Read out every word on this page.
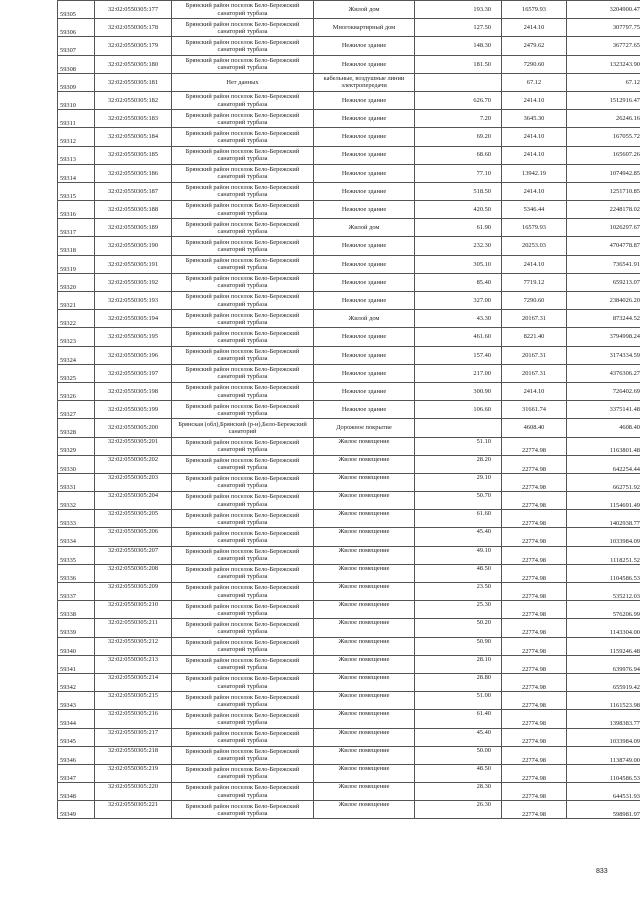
59305	32:02:0550305:177	Брянский район поселок Бело-Бережский
санаторий турбаза	Жилой дом	193.30	16579.93	3204900.47
59306	32:02:0550305:178	Брянский район поселок Бело-Бережский
санаторий турбаза	Многоквартирный дом	127.50	2414.10	307797.75
59307	32:02:0550305:179	Брянский район поселок Бело-Бережский
санаторий турбаза	Нежилое здание	148.30	2479.62	367727.65
59308	32:02:0550305:180	Брянский район поселок Бело-Бережский
санаторий турбаза	Нежилое здание	181.50	7290.60	1323243.90
59309	32:02:0550305:181	Нет данных	кабельные, воздушные линии электропередачи		67.12	67.12
59310	32:02:0550305:182	Брянский район поселок Бело-Бережский
санаторий турбаза	Нежилое здание	626.70	2414.10	1512916.47
59311	32:02:0550305:183	Брянский район поселок Бело-Бережский
санаторий турбаза	Нежилое здание	7.20	3645.30	26246.16
59312	32:02:0550305:184	Брянский район поселок Бело-Бережский
санаторий турбаза	Нежилое здание	69.20	2414.10	167055.72
59313	32:02:0550305:185	Брянский район поселок Бело-Бережский
санаторий турбаза	Нежилое здание	68.60	2414.10	165607.26
59314	32:02:0550305:186	Брянский район поселок Бело-Бережский
санаторий турбаза	Нежилое здание	77.10	13942.19	1074942.85
59315	32:02:0550305:187	Брянский район поселок Бело-Бережский
санаторий турбаза	Нежилое здание	518.50	2414.10	1251710.85
59316	32:02:0550305:188	Брянский район поселок Бело-Бережский
санаторий турбаза	Нежилое здание	420.50	5346.44	2248178.02
59317	32:02:0550305:189	Брянский район поселок Бело-Бережский
санаторий турбаза	Жилой дом	61.90	16579.93	1026297.67
59318	32:02:0550305:190	Брянский район поселок Бело-Бережский
санаторий турбаза	Нежилое здание	232.30	20253.03	4704778.87
59319	32:02:0550305:191	Брянский район поселок Бело-Бережский
санаторий турбаза	Нежилое здание	305.10	2414.10	736541.91
59320	32:02:0550305:192	Брянский район поселок Бело-Бережский
санаторий турбаза	Нежилое здание	85.40	7719.12	659213.07
59321	32:02:0550305:193	Брянский район поселок Бело-Бережский
санаторий турбаза	Нежилое здание	327.00	7290.60	2384026.20
59322	32:02:0550305:194	Брянский район поселок Бело-Бережский
санаторий турбаза	Жилой дом	43.30	20167.31	873244.52
59323	32:02:0550305:195	Брянский район поселок Бело-Бережский
санаторий турбаза	Нежилое здание	461.60	8221.40	3794998.24
59324	32:02:0550305:196	Брянский район поселок Бело-Бережский
санаторий турбаза	Нежилое здание	157.40	20167.31	3174334.59
59325	32:02:0550305:197	Брянский район поселок Бело-Бережский
санаторий турбаза	Нежилое здание	217.00	20167.31	4376306.27
59326	32:02:0550305:198	Брянский район поселок Бело-Бережский
санаторий турбаза	Нежилое здание	300.90	2414.10	726402.69
59327	32:02:0550305:199	Брянский район поселок Бело-Бережский
санаторий турбаза	Нежилое здание	106.60	31661.74	3375141.48
59328	32:02:0550305:200	Брянская (обл),Брянский (р-н),Бело-Бережский
санаторий	Дорожное покрытие		4608.40	4608.40
59329	32:02:0550305:201	Брянский район поселок Бело-Бережский
санаторий турбаза	Жилое помещение	51.10	22774.98	1163801.48
59330	32:02:0550305:202	Брянский район поселок Бело-Бережский
санаторий турбаза	Жилое помещение	28.20	22774.98	642254.44
59331	32:02:0550305:203	Брянский район поселок Бело-Бережский
санаторий турбаза	Жилое помещение	29.10	22774.98	662751.92
59332	32:02:0550305:204	Брянский район поселок Бело-Бережский
санаторий турбаза	Жилое помещение	50.70	22774.98	1154691.49
59333	32:02:0550305:205	Брянский район поселок Бело-Бережский
санаторий турбаза	Жилое помещение	61.60	22774.98	1402938.77
59334	32:02:0550305:206	Брянский район поселок Бело-Бережский
санаторий турбаза	Жилое помещение	45.40	22774.98	1033984.09
59335	32:02:0550305:207	Брянский район поселок Бело-Бережский
санаторий турбаза	Жилое помещение	49.10	22774.98	1118251.52
59336	32:02:0550305:208	Брянский район поселок Бело-Бережский
санаторий турбаза	Жилое помещение	48.50	22774.98	1104586.53
59337	32:02:0550305:209	Брянский район поселок Бело-Бережский
санаторий турбаза	Жилое помещение	23.50	22774.98	535212.03
59338	32:02:0550305:210	Брянский район поселок Бело-Бережский
санаторий турбаза	Жилое помещение	25.30	22774.98	576206.99
59339	32:02:0550305:211	Брянский район поселок Бело-Бережский
санаторий турбаза	Жилое помещение	50.20	22774.98	1143304.00
59340	32:02:0550305:212	Брянский район поселок Бело-Бережский
санаторий турбаза	Жилое помещение	50.90	22774.98	1159246.48
59341	32:02:0550305:213	Брянский район поселок Бело-Бережский
санаторий турбаза	Жилое помещение	28.10	22774.98	639976.94
59342	32:02:0550305:214	Брянский район поселок Бело-Бережский
санаторий турбаза	Жилое помещение	28.80	22774.98	655919.42
59343	32:02:0550305:215	Брянский район поселок Бело-Бережский
санаторий турбаза	Жилое помещение	51.00	22774.98	1161523.98
59344	32:02:0550305:216	Брянский район поселок Бело-Бережский
санаторий турбаза	Жилое помещение	61.40	22774.98	1398383.77
59345	32:02:0550305:217	Брянский район поселок Бело-Бережский
санаторий турбаза	Жилое помещение	45.40	22774.98	1033984.09
59346	32:02:0550305:218	Брянский район поселок Бело-Бережский
санаторий турбаза	Жилое помещение	50.00	22774.98	1138749.00
59347	32:02:0550305:219	Брянский район поселок Бело-Бережский
санаторий турбаза	Жилое помещение	48.50	22774.98	1104586.53
59348	32:02:0550305:220	Брянский район поселок Бело-Бережский
санаторий турбаза	Жилое помещение	28.30	22774.98	644531.93
59349	32:02:0550305:221	Брянский район поселок Бело-Бережский
санаторий турбаза	Жилое помещение	26.30	22774.98	598981.97
833
